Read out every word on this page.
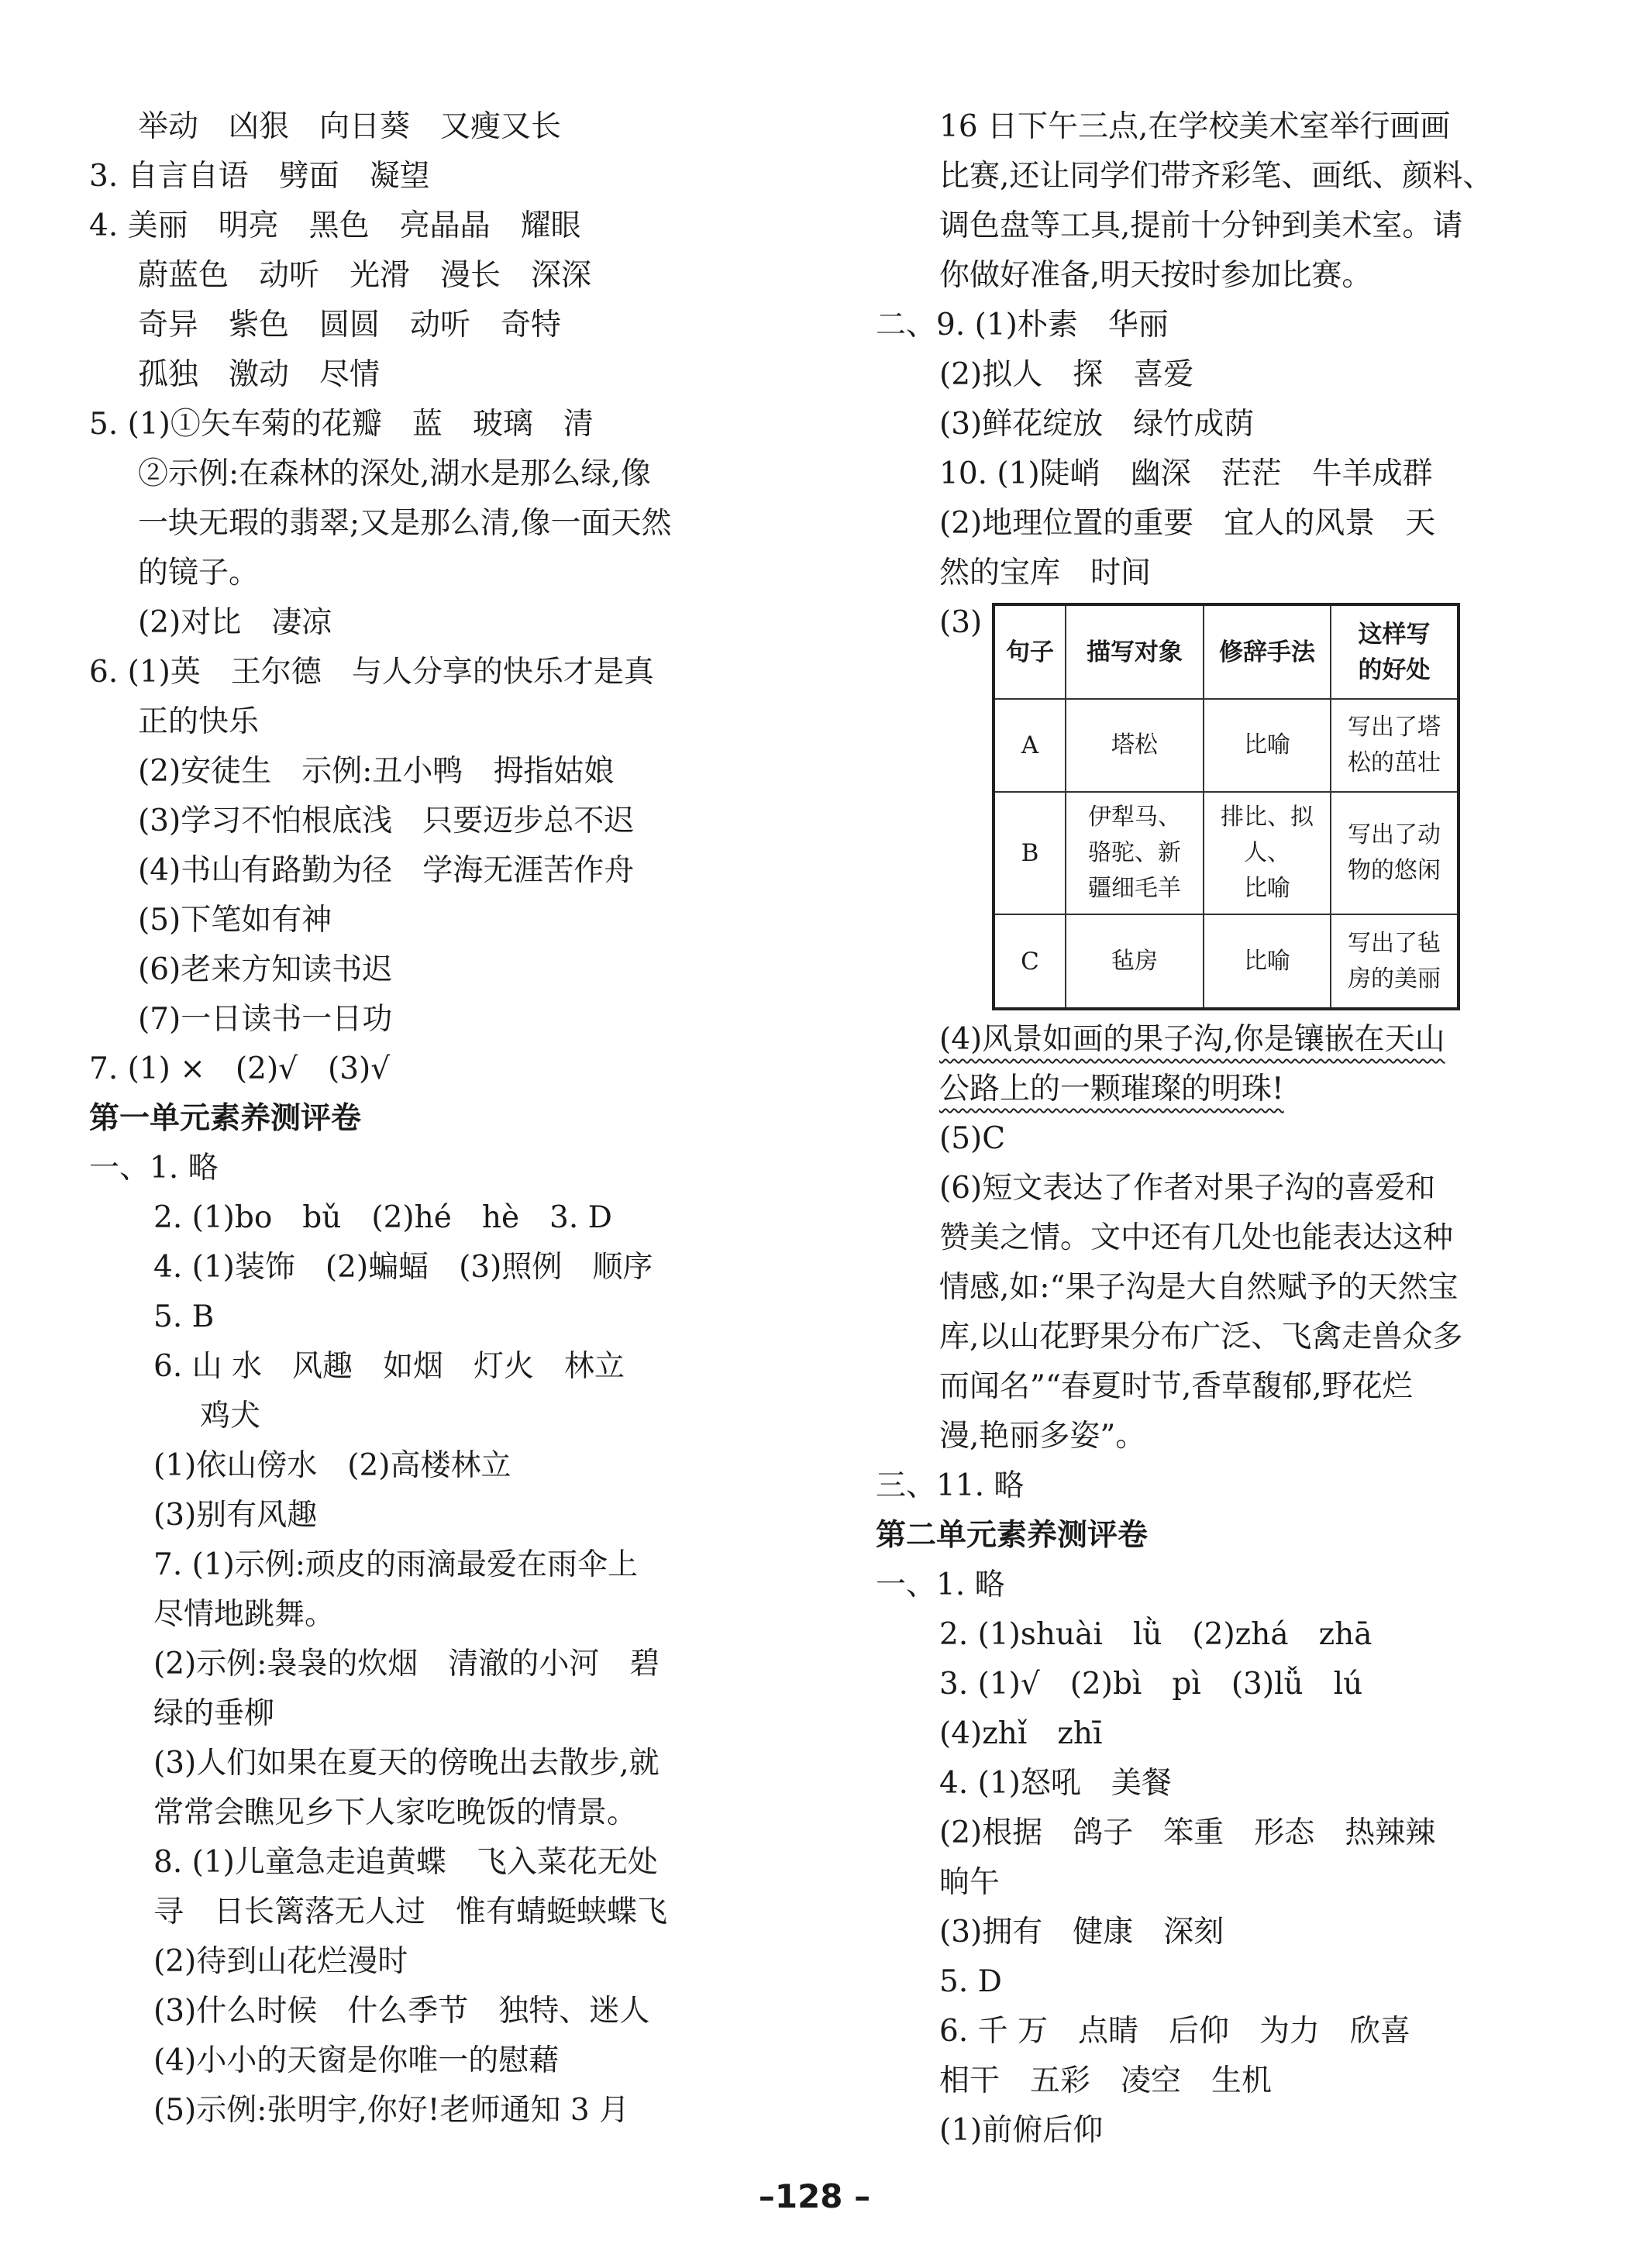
举动　凶狠　向日葵　又瘦又长
3. 自言自语　劈面　凝望
4. 美丽　明亮　黑色　亮晶晶　耀眼
蔚蓝色　动听　光滑　漫长　深深
奇异　紫色　圆圆　动听　奇特
孤独　激动　尽情
5. (1)①矢车菊的花瓣　蓝　玻璃　清
②示例:在森林的深处,湖水是那么绿,像
一块无瑕的翡翠;又是那么清,像一面天然
的镜子。
(2)对比　凄凉
6. (1)英　王尔德　与人分享的快乐才是真
正的快乐
(2)安徒生　示例:丑小鸭　拇指姑娘
(3)学习不怕根底浅　只要迈步总不迟
(4)书山有路勤为径　学海无涯苦作舟
(5)下笔如有神
(6)老来方知读书迟
(7)一日读书一日功
7. (1) ×　(2)√　(3)√
第一单元素养测评卷
一、1. 略
2. (1)bo　bǔ　(2)hé　hè　3. D
4. (1)装饰　(2)蝙蝠　(3)照例　顺序
5. B
6. 山 水　风趣　如烟　灯火　林立
鸡犬
(1)依山傍水　(2)高楼林立
(3)别有风趣
7. (1)示例:顽皮的雨滴最爱在雨伞上
尽情地跳舞。
(2)示例:袅袅的炊烟　清澈的小河　碧
绿的垂柳
(3)人们如果在夏天的傍晚出去散步,就
常常会瞧见乡下人家吃晚饭的情景。
8. (1)儿童急走追黄蝶　飞入菜花无处
寻　日长篱落无人过　惟有蜻蜓蛱蝶飞
(2)待到山花烂漫时
(3)什么时候　什么季节　独特、迷人
(4)小小的天窗是你唯一的慰藉
(5)示例:张明宇,你好!老师通知 3 月
16 日下午三点,在学校美术室举行画画
比赛,还让同学们带齐彩笔、画纸、颜料、
调色盘等工具,提前十分钟到美术室。请
你做好准备,明天按时参加比赛。
二、9. (1)朴素　华丽
(2)拟人　探　喜爱
(3)鲜花绽放　绿竹成荫
10. (1)陡峭　幽深　茫茫　牛羊成群
(2)地理位置的重要　宜人的风景　天
然的宝库　时间
(3)
句子	描写对象	修辞手法	这样写
的好处
A	塔松	比喻	写出了塔
松的茁壮
B	伊犁马、
骆驼、新
疆细毛羊	排比、拟人、
比喻	写出了动
物的悠闲
C	毡房	比喻	写出了毡
房的美丽
(4)风景如画的果子沟,你是镶嵌在天山
公路上的一颗璀璨的明珠!
(5)C
(6)短文表达了作者对果子沟的喜爱和
赞美之情。文中还有几处也能表达这种
情感,如:“果子沟是大自然赋予的天然宝
库,以山花野果分布广泛、飞禽走兽众多
而闻名”“春夏时节,香草馥郁,野花烂
漫,艳丽多姿”。
三、11. 略
第二单元素养测评卷
一、1. 略
2. (1)shuài　lǜ　(2)zhá　zhā
3. (1)√　(2)bì　pì　(3)lǚ　lú
(4)zhǐ　zhī
4. (1)怒吼　美餐
(2)根据　鸽子　笨重　形态　热辣辣
晌午
(3)拥有　健康　深刻
5. D
6. 千 万　点睛　后仰　为力　欣喜
相干　五彩　凌空　生机
(1)前俯后仰
–128 –
